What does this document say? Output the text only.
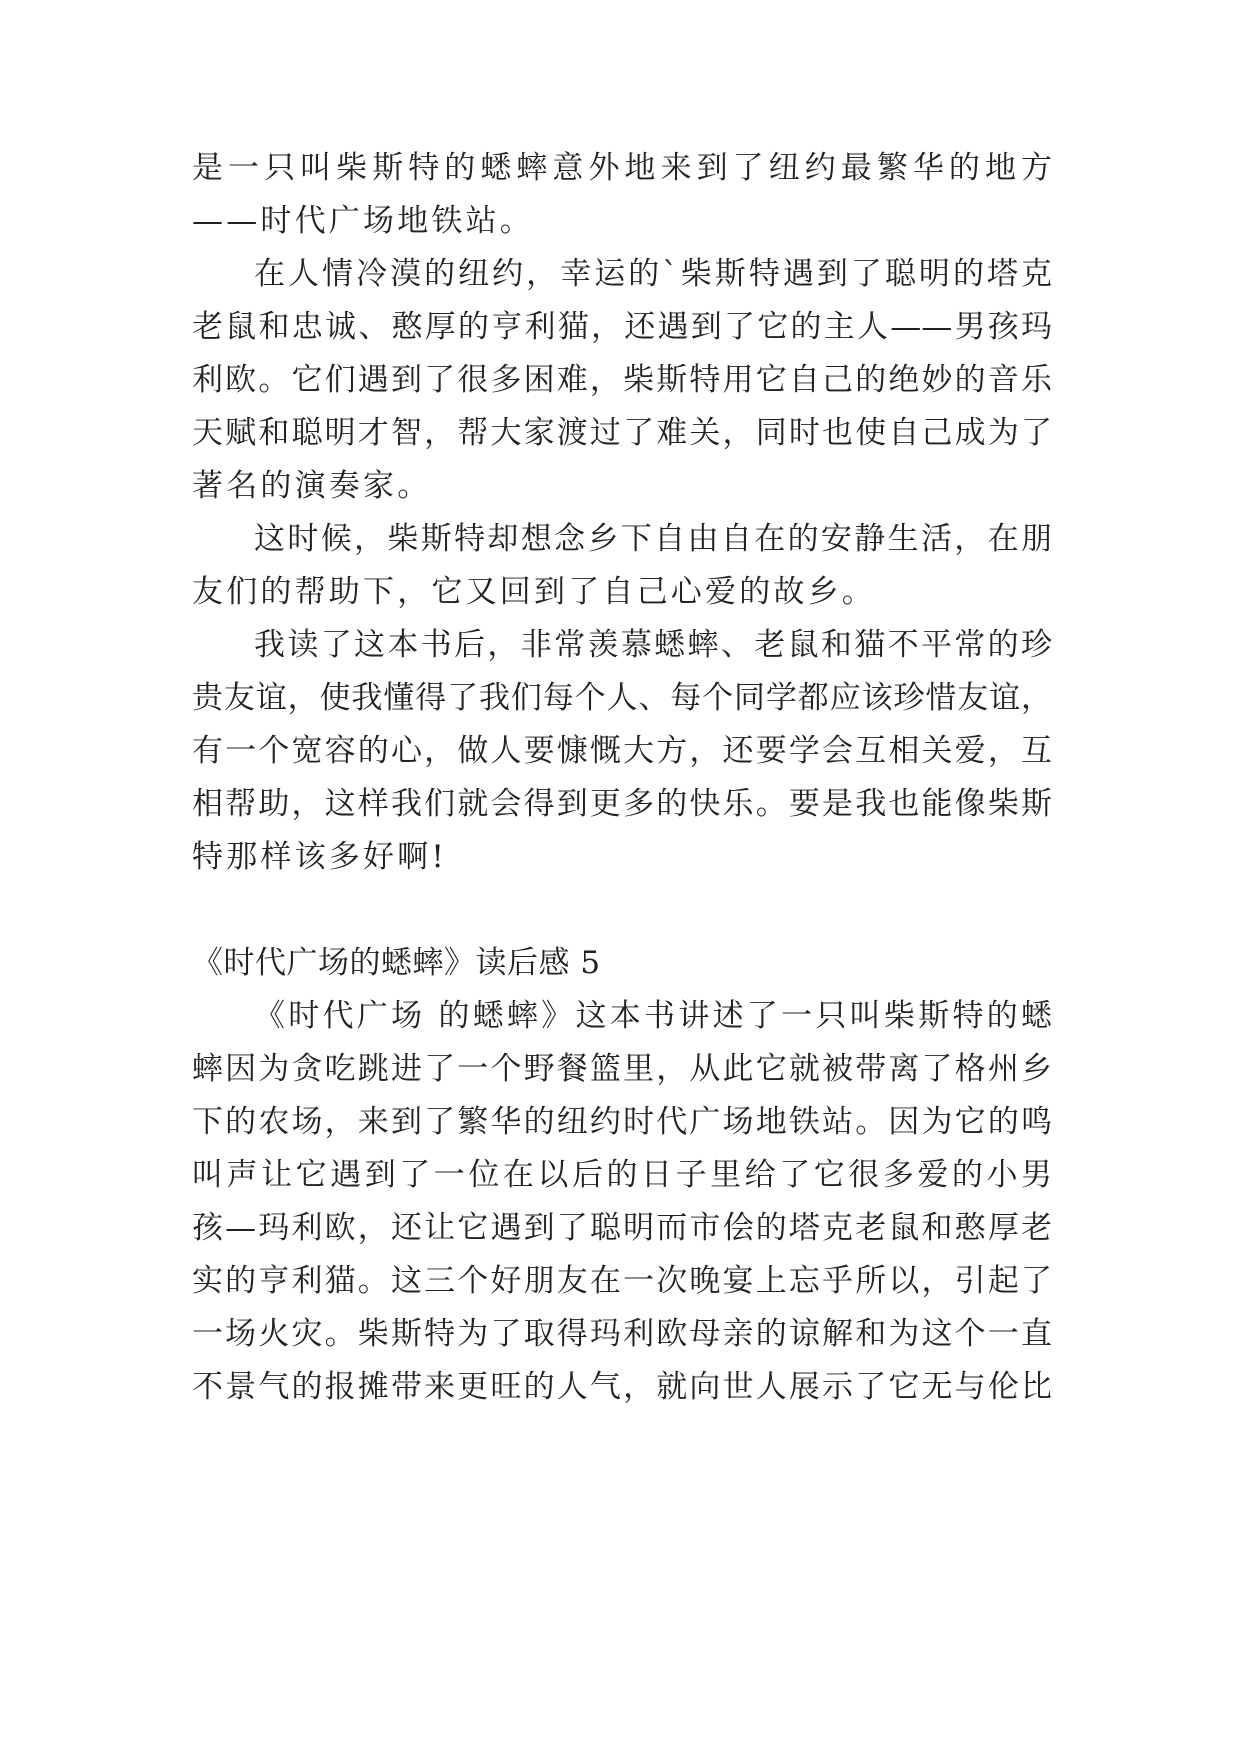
是一只叫柴斯特的蟋蟀意外地来到了纽约最繁华的地方
——时代广场地铁站。
在人情冷漠的纽约，幸运的`柴斯特遇到了聪明的塔克
老鼠和忠诚、憨厚的亨利猫，还遇到了它的主人——男孩玛
利欧。它们遇到了很多困难，柴斯特用它自己的绝妙的音乐
天赋和聪明才智，帮大家渡过了难关，同时也使自己成为了
著名的演奏家。
这时候，柴斯特却想念乡下自由自在的安静生活，在朋
友们的帮助下，它又回到了自己心爱的故乡。
我读了这本书后，非常羡慕蟋蟀、老鼠和猫不平常的珍
贵友谊，使我懂得了我们每个人、每个同学都应该珍惜友谊，
有一个宽容的心，做人要慷慨大方，还要学会互相关爱，互
相帮助，这样我们就会得到更多的快乐。要是我也能像柴斯
特那样该多好啊!
《时代广场的蟋蟀》读后感 5
《时代广场 的蟋蟀》这本书讲述了一只叫柴斯特的蟋
蟀因为贪吃跳进了一个野餐篮里，从此它就被带离了格州乡
下的农场，来到了繁华的纽约时代广场地铁站。因为它的鸣
叫声让它遇到了一位在以后的日子里给了它很多爱的小男
孩—玛利欧，还让它遇到了聪明而市侩的塔克老鼠和憨厚老
实的亨利猫。这三个好朋友在一次晚宴上忘乎所以，引起了
一场火灾。柴斯特为了取得玛利欧母亲的谅解和为这个一直
不景气的报摊带来更旺的人气，就向世人展示了它无与伦比
